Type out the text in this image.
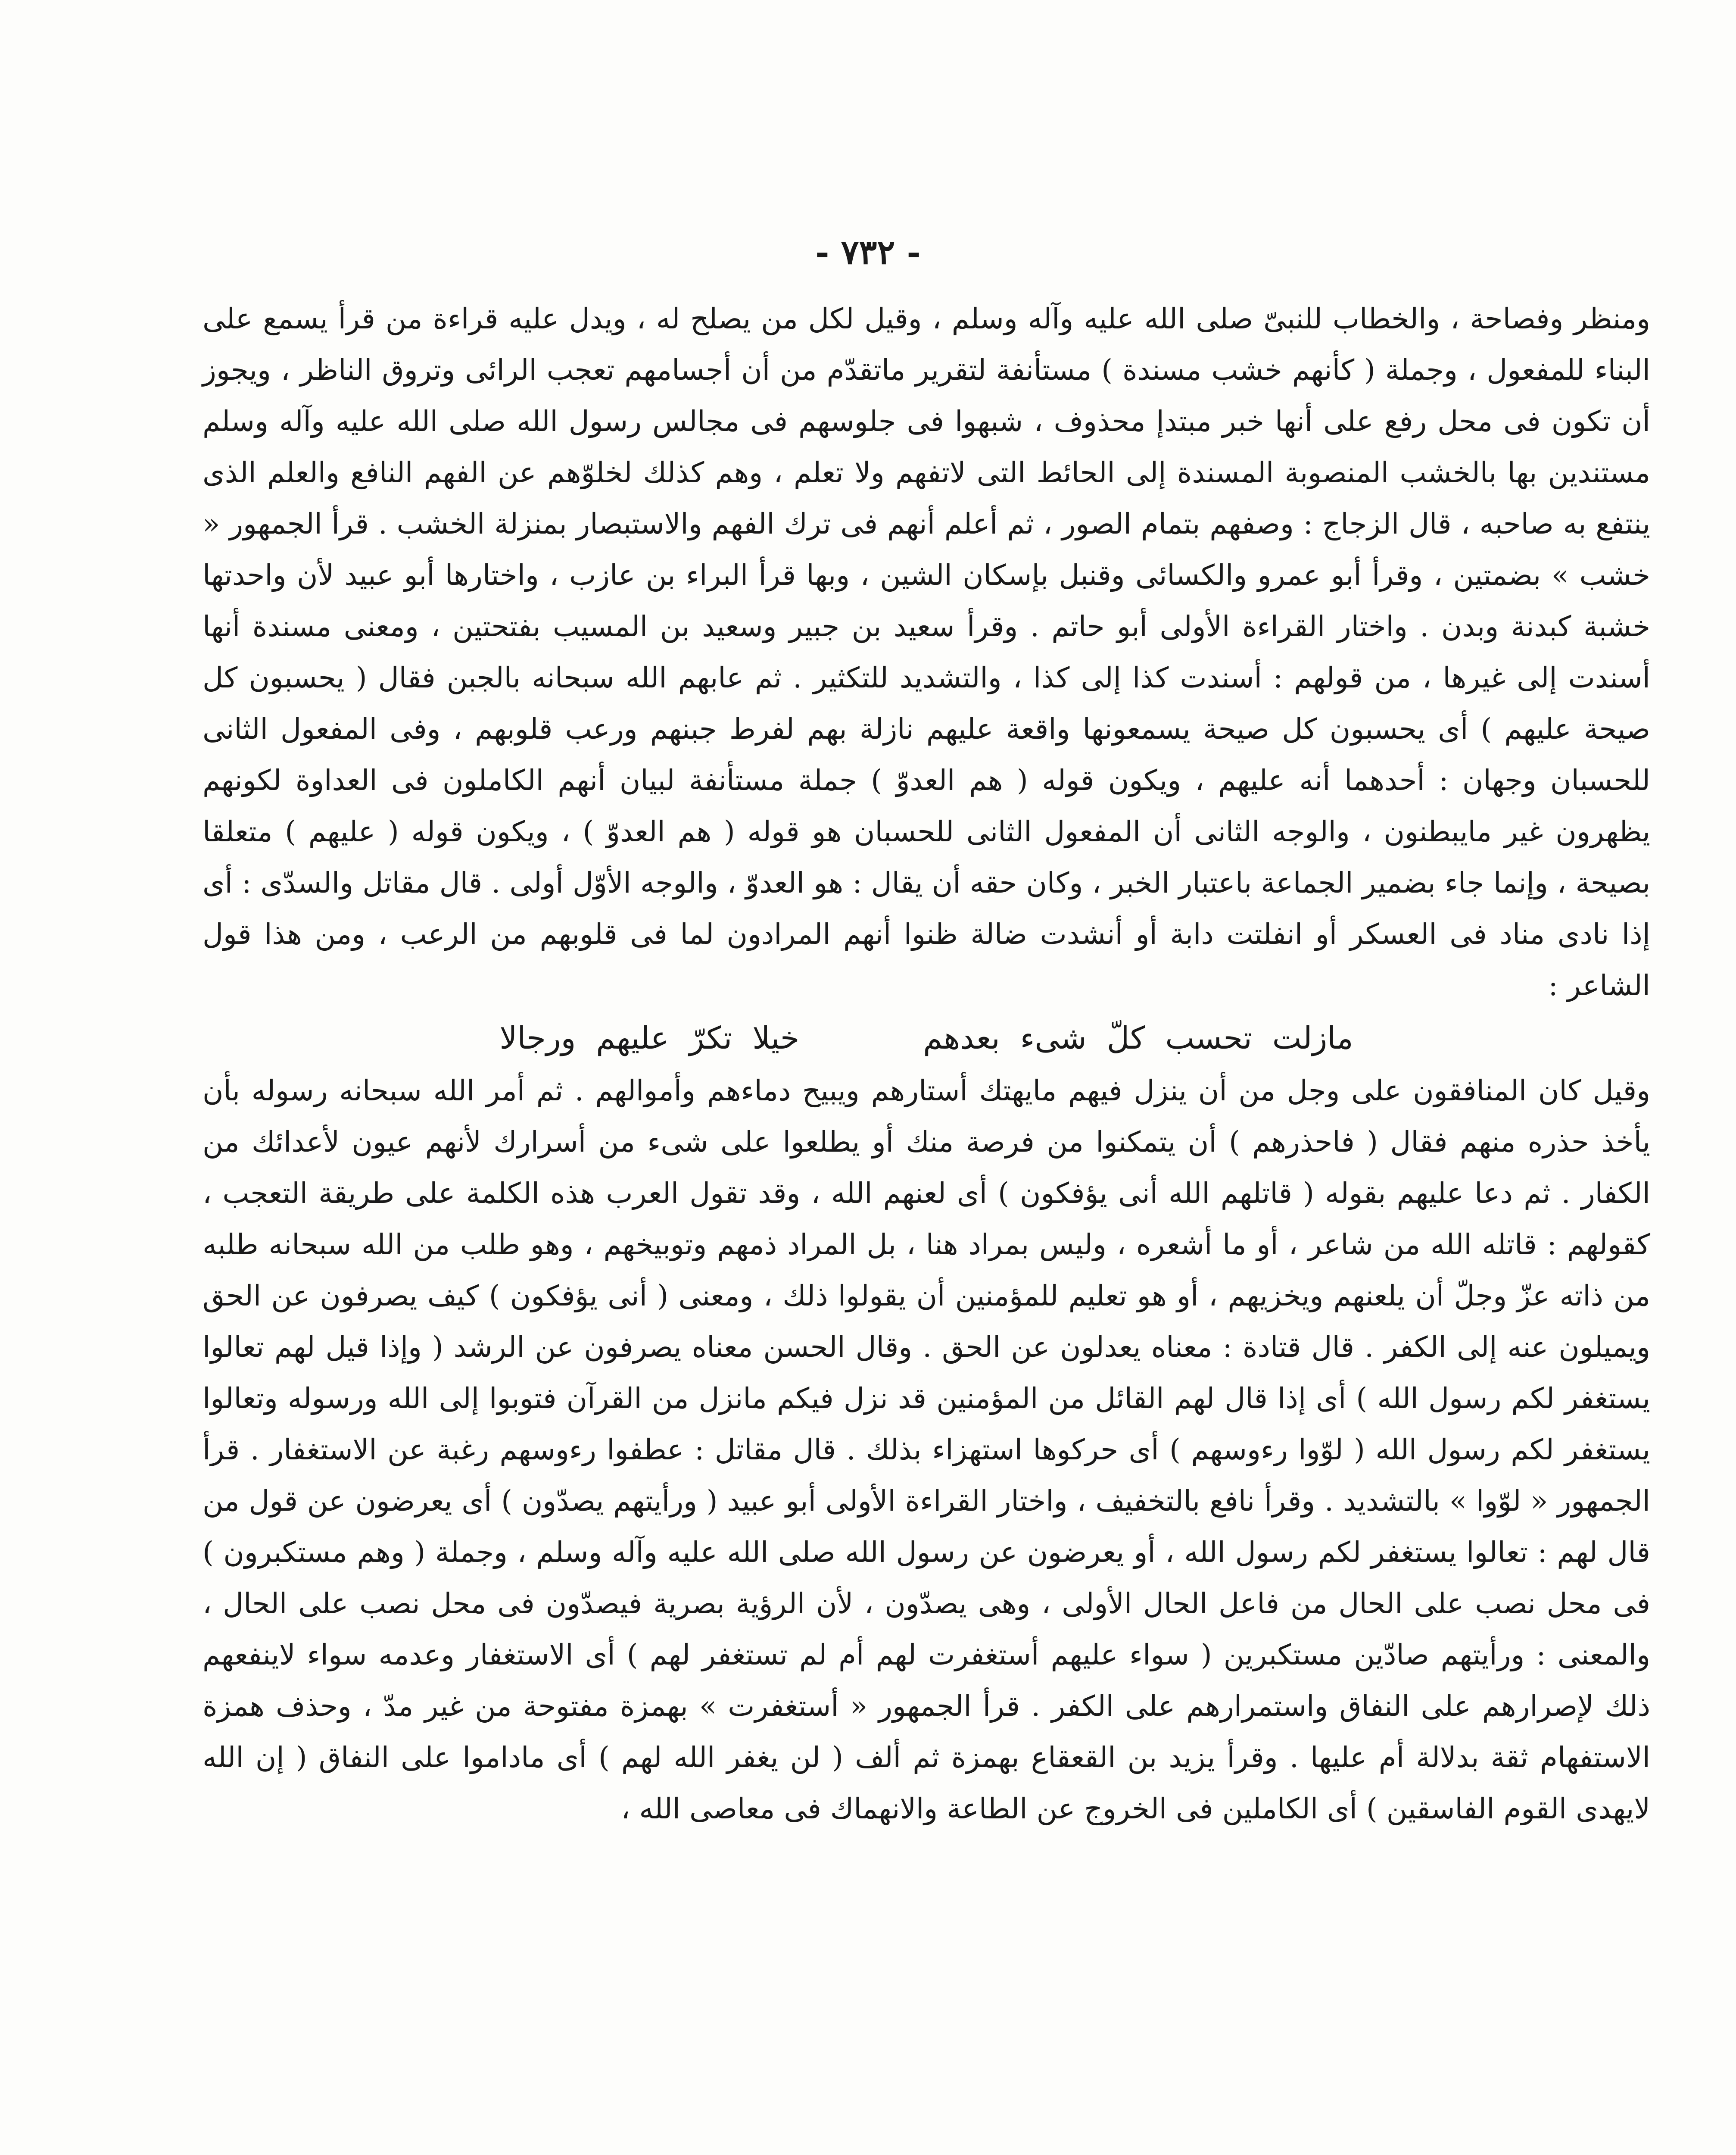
- ٧٣٢ -

ومنظر وفصاحة ، والخطاب للنبىّ صلى الله عليه وآله وسلم ، وقيل لكل من يصلح له ، ويدل عليه قراءة من قرأ يسمع على البناء للمفعول ، وجملة ( كأنهم خشب مسندة ) مستأنفة لتقرير ماتقدّم من أن أجسامهم تعجب الرائى وتروق الناظر ، ويجوز أن تكون فى محل رفع على أنها خبر مبتدإ محذوف ، شبهوا فى جلوسهم فى مجالس رسول الله صلى الله عليه وآله وسلم مستندين بها بالخشب المنصوبة المسندة إلى الحائط التى لاتفهم ولا تعلم ، وهم كذلك لخلوّهم عن الفهم النافع والعلم الذى ينتفع به صاحبه ، قال الزجاج : وصفهم بتمام الصور ، ثم أعلم أنهم فى ترك الفهم والاستبصار بمنزلة الخشب . قرأ الجمهور « خشب » بضمتين ، وقرأ أبو عمرو والكسائى وقنبل بإسكان الشين ، وبها قرأ البراء بن عازب ، واختارها أبو عبيد لأن واحدتها خشبة كبدنة وبدن . واختار القراءة الأولى أبو حاتم . وقرأ سعيد بن جبير وسعيد بن المسيب بفتحتين ، ومعنى مسندة أنها أسندت إلى غيرها ، من قولهم : أسندت كذا إلى كذا ، والتشديد للتكثير . ثم عابهم الله سبحانه بالجبن فقال ( يحسبون كل صيحة عليهم ) أى يحسبون كل صيحة يسمعونها واقعة عليهم نازلة بهم لفرط جبنهم ورعب قلوبهم ، وفى المفعول الثانى للحسبان وجهان : أحدهما أنه عليهم ، ويكون قوله ( هم العدوّ ) جملة مستأنفة لبيان أنهم الكاملون فى العداوة لكونهم يظهرون غير مايبطنون ، والوجه الثانى أن المفعول الثانى للحسبان هو قوله ( هم العدوّ ) ، ويكون قوله ( عليهم ) متعلقا بصيحة ، وإنما جاء بضمير الجماعة باعتبار الخبر ، وكان حقه أن يقال : هو العدوّ ، والوجه الأوّل أولى . قال مقاتل والسدّى : أى إذا نادى مناد فى العسكر أو انفلتت دابة أو أنشدت ضالة ظنوا أنهم المرادون لما فى قلوبهم من الرعب ، ومن هذا قول الشاعر :

مازلت تحسب كلّ شىء بعدهم خيلا تكرّ عليهم ورجالا

وقيل كان المنافقون على وجل من أن ينزل فيهم مايهتك أستارهم ويبيح دماءهم وأموالهم . ثم أمر الله سبحانه رسوله بأن يأخذ حذره منهم فقال ( فاحذرهم ) أن يتمكنوا من فرصة منك أو يطلعوا على شىء من أسرارك لأنهم عيون لأعدائك من الكفار . ثم دعا عليهم بقوله ( قاتلهم الله أنى يؤفكون ) أى لعنهم الله ، وقد تقول العرب هذه الكلمة على طريقة التعجب ، كقولهم : قاتله الله من شاعر ، أو ما أشعره ، وليس بمراد هنا ، بل المراد ذمهم وتوبيخهم ، وهو طلب من الله سبحانه طلبه من ذاته عزّ وجلّ أن يلعنهم ويخزيهم ، أو هو تعليم للمؤمنين أن يقولوا ذلك ، ومعنى ( أنى يؤفكون ) كيف يصرفون عن الحق ويميلون عنه إلى الكفر . قال قتادة : معناه يعدلون عن الحق . وقال الحسن معناه يصرفون عن الرشد ( وإذا قيل لهم تعالوا يستغفر لكم رسول الله ) أى إذا قال لهم القائل من المؤمنين قد نزل فيكم مانزل من القرآن فتوبوا إلى الله ورسوله وتعالوا يستغفر لكم رسول الله ( لوّوا رءوسهم ) أى حركوها استهزاء بذلك . قال مقاتل : عطفوا رءوسهم رغبة عن الاستغفار . قرأ الجمهور « لوّوا » بالتشديد . وقرأ نافع بالتخفيف ، واختار القراءة الأولى أبو عبيد ( ورأيتهم يصدّون ) أى يعرضون عن قول من قال لهم : تعالوا يستغفر لكم رسول الله ، أو يعرضون عن رسول الله صلى الله عليه وآله وسلم ، وجملة ( وهم مستكبرون ) فى محل نصب على الحال من فاعل الحال الأولى ، وهى يصدّون ، لأن الرؤية بصرية فيصدّون فى محل نصب على الحال ، والمعنى : ورأيتهم صادّين مستكبرين ( سواء عليهم أستغفرت لهم أم لم تستغفر لهم ) أى الاستغفار وعدمه سواء لاينفعهم ذلك لإصرارهم على النفاق واستمرارهم على الكفر . قرأ الجمهور « أستغفرت » بهمزة مفتوحة من غير مدّ ، وحذف همزة الاستفهام ثقة بدلالة أم عليها . وقرأ يزيد بن القعقاع بهمزة ثم ألف ( لن يغفر الله لهم ) أى ماداموا على النفاق ( إن الله لايهدى القوم الفاسقين ) أى الكاملين فى الخروج عن الطاعة والانهماك فى معاصى الله ،
